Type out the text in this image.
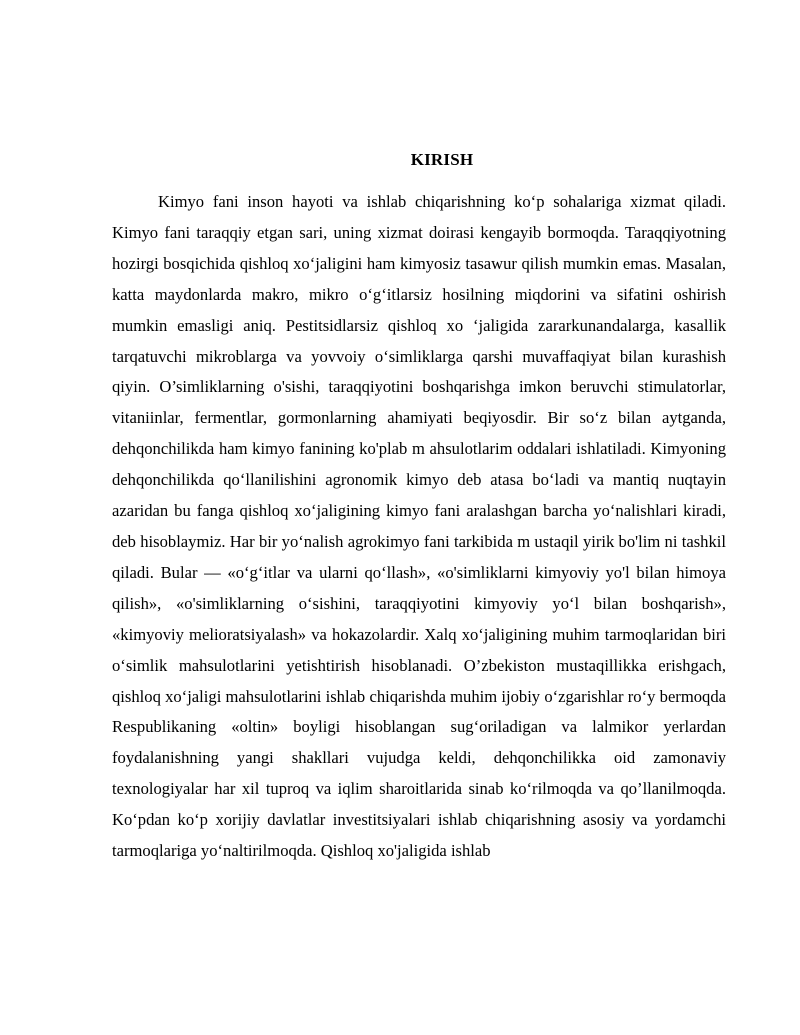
KIRISH

Kimyo fani inson hayoti va ishlab chiqarishning ko‘p sohalariga xizmat qiladi. Kimyo fani taraqqiy etgan sari, uning xizmat doirasi kengayib bormoqda. Taraqqiyotning hozirgi bosqichida qishloq xo‘jaligini ham kimyosiz tasawur qilish mumkin emas. Masalan, katta maydonlarda makro, mikro o‘g‘itlarsiz hosilning miqdorini va sifatini oshirish mumkin emasligi aniq. Pestitsidlarsiz qishloq xo ‘jaligida zararkunandalarga, kasallik tarqatuvchi mikroblarga va yovvoiy o‘simliklarga qarshi muvaffaqiyat bilan kurashish qiyin. O’simliklarning o'sishi, taraqqiyotini boshqarishga imkon beruvchi stimulatorlar, vitaniinlar, fermentlar, gormonlarning ahamiyati beqiyosdir. Bir so‘z bilan aytganda, dehqonchilikda ham kimyo fanining ko'plab m ahsulotlarim oddalari ishlatiladi. Kimyoning dehqonchilikda qo‘llanilishini agronomik kimyo deb atasa bo‘ladi va mantiq nuqtayin azaridan bu fanga qishloq xo‘jaligining kimyo fani aralashgan barcha yo‘nalishlari kiradi, deb hisoblaymiz. Har bir yo‘nalish agrokimyo fani tarkibida m ustaqil yirik bo'lim ni tashkil qiladi. Bular — «o‘g‘itlar va ularni qo‘llash», «o'simliklarni kimyoviy yo'l bilan himoya qilish», «o'simliklarning o‘sishini, taraqqiyotini kimyoviy yo‘l bilan boshqarish», «kimyoviy melioratsiyalash» va hokazolardir. Xalq xo‘jaligining muhim tarmoqlaridan biri o‘simlik mahsulotlarini yetishtirish hisoblanadi. O’zbekiston mustaqillikka erishgach, qishloq xo‘jaligi mahsulotlarini ishlab chiqarishda muhim ijobiy o‘zgarishlar ro‘y bermoqda Respublikaning «oltin» boyligi hisoblangan sug‘oriladigan va lalmikor yerlardan foydalanishning yangi shakllari vujudga keldi, dehqonchilikka oid zamonaviy texnologiyalar har xil tuproq va iqlim sharoitlarida sinab ko‘rilmoqda va qo’llanilmoqda. Ko‘pdan ko‘p xorijiy davlatlar investitsiyalari ishlab chiqarishning asosiy va yordamchi tarmoqlariga yo‘naltirilmoqda. Qishloq xo'jaligida ishlab
